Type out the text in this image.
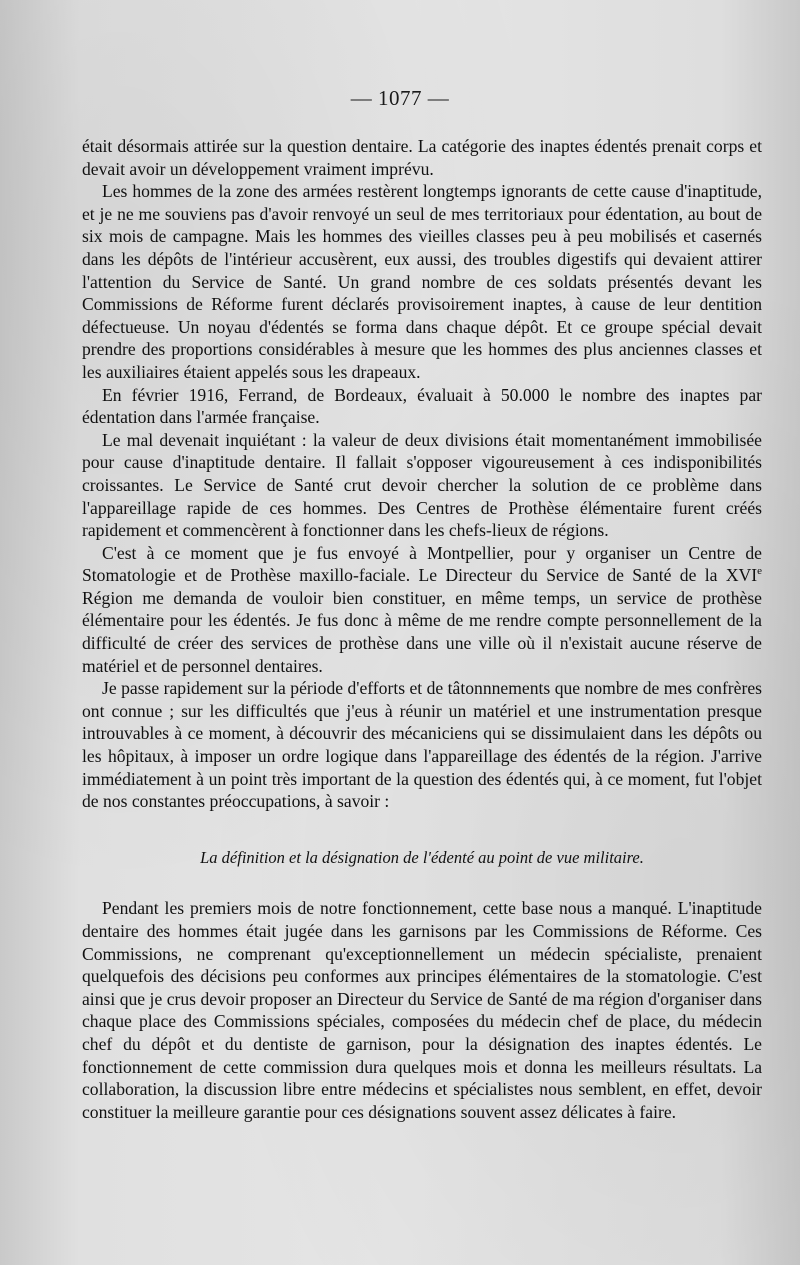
— 1077 —

était désormais attirée sur la question dentaire. La catégorie des inaptes édentés prenait corps et devait avoir un développement vraiment imprévu.

Les hommes de la zone des armées restèrent longtemps ignorants de cette cause d'inaptitude, et je ne me souviens pas d'avoir renvoyé un seul de mes territoriaux pour édentation, au bout de six mois de campagne. Mais les hommes des vieilles classes peu à peu mobilisés et casernés dans les dépôts de l'intérieur accusèrent, eux aussi, des troubles digestifs qui devaient attirer l'attention du Service de Santé. Un grand nombre de ces soldats présentés devant les Commissions de Réforme furent déclarés provisoirement inaptes, à cause de leur dentition défectueuse. Un noyau d'édentés se forma dans chaque dépôt. Et ce groupe spécial devait prendre des proportions considérables à mesure que les hommes des plus anciennes classes et les auxiliaires étaient appelés sous les drapeaux.

En février 1916, Ferrand, de Bordeaux, évaluait à 50.000 le nombre des inaptes par édentation dans l'armée française.

Le mal devenait inquiétant : la valeur de deux divisions était momentanément immobilisée pour cause d'inaptitude dentaire. Il fallait s'opposer vigoureusement à ces indisponibilités croissantes. Le Service de Santé crut devoir chercher la solution de ce problème dans l'appareillage rapide de ces hommes. Des Centres de Prothèse élémentaire furent créés rapidement et commencèrent à fonctionner dans les chefs-lieux de régions.

C'est à ce moment que je fus envoyé à Montpellier, pour y organiser un Centre de Stomatologie et de Prothèse maxillo-faciale. Le Directeur du Service de Santé de la XVIe Région me demanda de vouloir bien constituer, en même temps, un service de prothèse élémentaire pour les édentés. Je fus donc à même de me rendre compte personnellement de la difficulté de créer des services de prothèse dans une ville où il n'existait aucune réserve de matériel et de personnel dentaires.

Je passe rapidement sur la période d'efforts et de tâtonnnements que nombre de mes confrères ont connue ; sur les difficultés que j'eus à réunir un matériel et une instrumentation presque introuvables à ce moment, à découvrir des mécaniciens qui se dissimulaient dans les dépôts ou les hôpitaux, à imposer un ordre logique dans l'appareillage des édentés de la région. J'arrive immédiatement à un point très important de la question des édentés qui, à ce moment, fut l'objet de nos constantes préoccupations, à savoir :

La définition et la désignation de l'édenté au point de vue militaire.

Pendant les premiers mois de notre fonctionnement, cette base nous a manqué. L'inaptitude dentaire des hommes était jugée dans les garnisons par les Commissions de Réforme. Ces Commissions, ne comprenant qu'exceptionnellement un médecin spécialiste, prenaient quelquefois des décisions peu conformes aux principes élémentaires de la stomatologie. C'est ainsi que je crus devoir proposer an Directeur du Service de Santé de ma région d'organiser dans chaque place des Commissions spéciales, composées du médecin chef de place, du médecin chef du dépôt et du dentiste de garnison, pour la désignation des inaptes édentés. Le fonctionnement de cette commission dura quelques mois et donna les meilleurs résultats. La collaboration, la discussion libre entre médecins et spécialistes nous semblent, en effet, devoir constituer la meilleure garantie pour ces désignations souvent assez délicates à faire.
